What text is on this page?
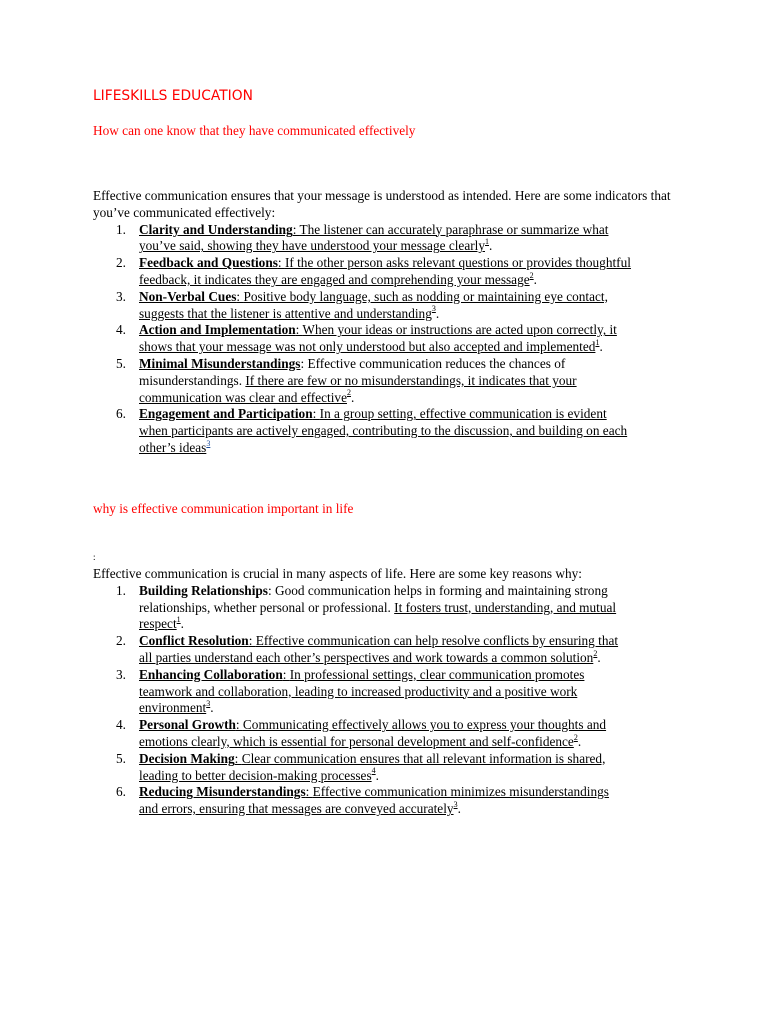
LIFESKILLS EDUCATION
How can one know that they have communicated effectively

Effective communication ensures that your message is understood as intended. Here are some indicators that you’ve communicated effectively:

1. Clarity and Understanding: The listener can accurately paraphrase or summarize what you’ve said, showing they have understood your message clearly$^1$.
2. Feedback and Questions: If the other person asks relevant questions or provides thoughtful feedback, it indicates they are engaged and comprehending your message$^2$.
3. Non-Verbal Cues: Positive body language, such as nodding or maintaining eye contact, suggests that the listener is attentive and understanding$^3$.
4. Action and Implementation: When your ideas or instructions are acted upon correctly, it shows that your message was not only understood but also accepted and implemented$^1$.
5. Minimal Misunderstandings: Effective communication reduces the chances of misunderstandings. If there are few or no misunderstandings, it indicates that your communication was clear and effective$^2$.
6. Engagement and Participation: In a group setting, effective communication is evident when participants are actively engaged, contributing to the discussion, and building on each other’s ideas$^3$
why is effective communication important in life
:

Effective communication is crucial in many aspects of life. Here are some key reasons why:

1. Building Relationships: Good communication helps in forming and maintaining strong relationships, whether personal or professional. It fosters trust, understanding, and mutual respect$^1$.
2. Conflict Resolution: Effective communication can help resolve conflicts by ensuring that all parties understand each other’s perspectives and work towards a common solution$^2$.
3. Enhancing Collaboration: In professional settings, clear communication promotes teamwork and collaboration, leading to increased productivity and a positive work environment$^3$.
4. Personal Growth: Communicating effectively allows you to express your thoughts and emotions clearly, which is essential for personal development and self-confidence$^2$.
5. Decision Making: Clear communication ensures that all relevant information is shared, leading to better decision-making processes$^4$.
6. Reducing Misunderstandings: Effective communication minimizes misunderstandings and errors, ensuring that messages are conveyed accurately$^3$.
